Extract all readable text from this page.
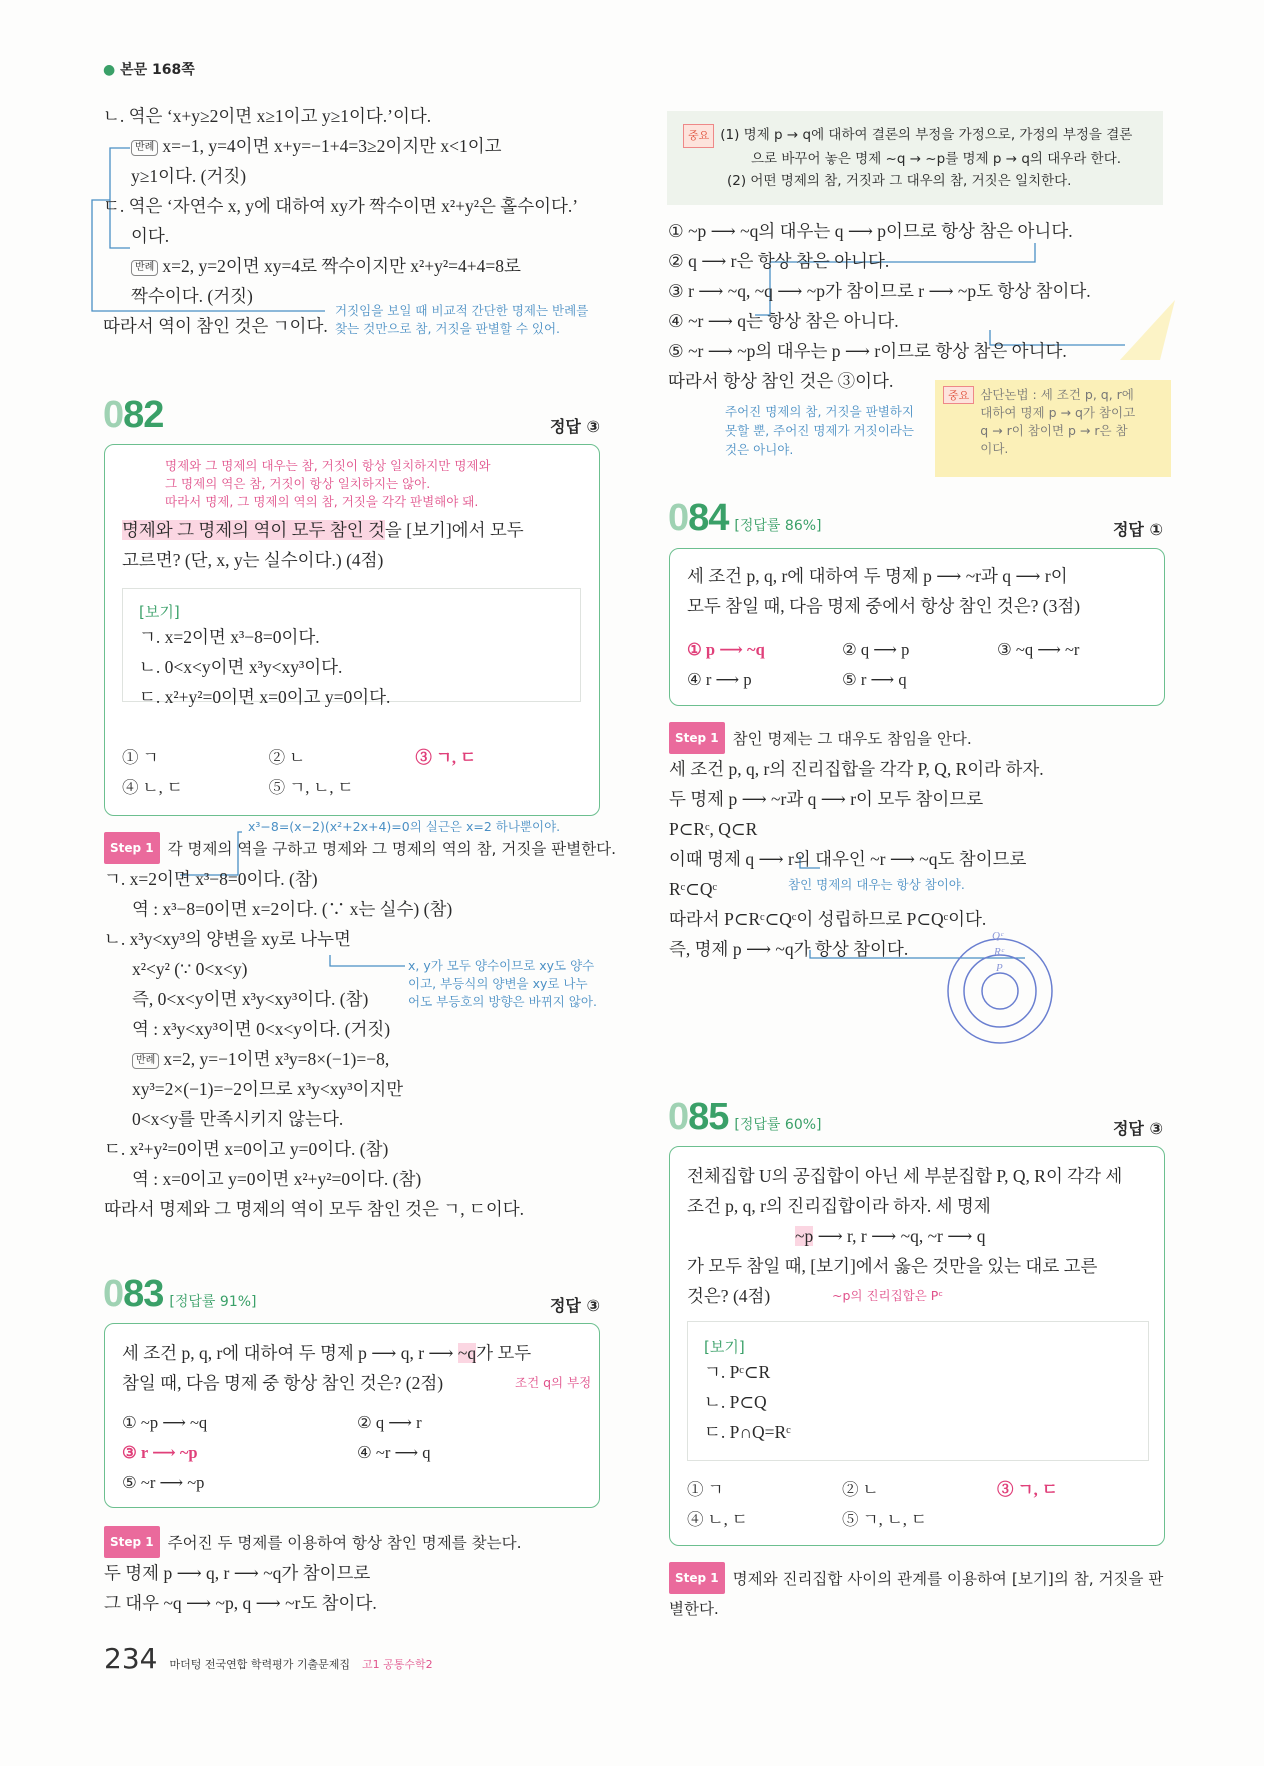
● 본문 168쪽
ㄴ. 역은 ‘x+y≥2이면 x≥1이고 y≥1이다.’이다.
반례 x=−1, y=4이면 x+y=−1+4=3≥2이지만 x<1이고
y≥1이다. (거짓)
ㄷ. 역은 ‘자연수 x, y에 대하여 xy가 짝수이면 x²+y²은 홀수이다.’
이다.
반례 x=2, y=2이면 xy=4로 짝수이지만 x²+y²=4+4=8로
짝수이다. (거짓)
따라서 역이 참인 것은 ㄱ이다.
거짓임을 보일 때 비교적 간단한 명제는 반례를
찾는 것만으로 참, 거짓을 판별할 수 있어.
082	정답 ③
명제와 그 명제의 대우는 참, 거짓이 항상 일치하지만 명제와
그 명제의 역은 참, 거짓이 항상 일치하지는 않아.
따라서 명제, 그 명제의 역의 참, 거짓을 각각 판별해야 돼.
명제와 그 명제의 역이 모두 참인 것을 [보기]에서 모두
고르면? (단, x, y는 실수이다.) (4점)
[보기]
ㄱ. x=2이면 x³−8=0이다.
ㄴ. 0<x<y이면 x³y<xy³이다.
ㄷ. x²+y²=0이면 x=0이고 y=0이다.
① ㄱ	② ㄴ	③ ㄱ, ㄷ
④ ㄴ, ㄷ	⑤ ㄱ, ㄴ, ㄷ
x³−8=(x−2)(x²+2x+4)=0의 실근은 x=2 하나뿐이야.
Step 1 각 명제의 역을 구하고 명제와 그 명제의 역의 참, 거짓을 판별한다.
ㄱ. x=2이면 x³−8=0이다. (참)
역 : x³−8=0이면 x=2이다. (∵ x는 실수) (참)
ㄴ. x³y<xy³의 양변을 xy로 나누면
x²<y² (∵ 0<x<y)
즉, 0<x<y이면 x³y<xy³이다. (참)
역 : x³y<xy³이면 0<x<y이다. (거짓)
반례 x=2, y=−1이면 x³y=8×(−1)=−8,
xy³=2×(−1)=−2이므로 x³y<xy³이지만
0<x<y를 만족시키지 않는다.
ㄷ. x²+y²=0이면 x=0이고 y=0이다. (참)
역 : x=0이고 y=0이면 x²+y²=0이다. (참)
따라서 명제와 그 명제의 역이 모두 참인 것은 ㄱ, ㄷ이다.
x, y가 모두 양수이므로 xy도 양수
이고, 부등식의 양변을 xy로 나누
어도 부등호의 방향은 바뀌지 않아.
083 [정답률 91%]	정답 ③
세 조건 p, q, r에 대하여 두 명제 p ⟶ q, r ⟶ ~q가 모두
참일 때, 다음 명제 중 항상 참인 것은? (2점)	조건 q의 부정
① ~p ⟶ ~q	② q ⟶ r
③ r ⟶ ~p	④ ~r ⟶ q
⑤ ~r ⟶ ~p
Step 1 주어진 두 명제를 이용하여 항상 참인 명제를 찾는다.
두 명제 p ⟶ q, r ⟶ ~q가 참이므로
그 대우 ~q ⟶ ~p, q ⟶ ~r도 참이다.
234 마더텅 전국연합 학력평가 기출문제집 고1 공통수학2
중요 (1) 명제 p → q에 대하여 결론의 부정을 가정으로, 가정의 부정을 결론
으로 바꾸어 놓은 명제 ~q → ~p를 명제 p → q의 대우라 한다.
(2) 어떤 명제의 참, 거짓과 그 대우의 참, 거짓은 일치한다.
① ~p ⟶ ~q의 대우는 q ⟶ p이므로 항상 참은 아니다.
② q ⟶ r은 항상 참은 아니다.
③ r ⟶ ~q, ~q ⟶ ~p가 참이므로 r ⟶ ~p도 항상 참이다.
④ ~r ⟶ q는 항상 참은 아니다.
⑤ ~r ⟶ ~p의 대우는 p ⟶ r이므로 항상 참은 아니다.
따라서 항상 참인 것은 ③이다.
주어진 명제의 참, 거짓을 판별하지
못할 뿐, 주어진 명제가 거짓이라는
것은 아니야.
중요 삼단논법 : 세 조건 p, q, r에
대하여 명제 p → q가 참이고
q → r이 참이면 p → r은 참
이다.
084 [정답률 86%]	정답 ①
세 조건 p, q, r에 대하여 두 명제 p ⟶ ~r과 q ⟶ r이
모두 참일 때, 다음 명제 중에서 항상 참인 것은? (3점)
① p ⟶ ~q	② q ⟶ p	③ ~q ⟶ ~r
④ r ⟶ p	⑤ r ⟶ q
Step 1 참인 명제는 그 대우도 참임을 안다.
세 조건 p, q, r의 진리집합을 각각 P, Q, R이라 하자.
두 명제 p ⟶ ~r과 q ⟶ r이 모두 참이므로
P⊂Rᶜ, Q⊂R
이때 명제 q ⟶ r의 대우인 ~r ⟶ ~q도 참이므로
Rᶜ⊂Qᶜ
따라서 P⊂Rᶜ⊂Qᶜ이 성립하므로 P⊂Qᶜ이다.
즉, 명제 p ⟶ ~q가 항상 참이다.
참인 명제의 대우는 항상 참이야.
Qᶜ
Rᶜ
P
085 [정답률 60%]	정답 ③
전체집합 U의 공집합이 아닌 세 부분집합 P, Q, R이 각각 세
조건 p, q, r의 진리집합이라 하자. 세 명제
~p ⟶ r, r ⟶ ~q, ~r ⟶ q
가 모두 참일 때, [보기]에서 옳은 것만을 있는 대로 고른
것은? (4점)	~p의 진리집합은 Pᶜ
[보기]
ㄱ. Pᶜ⊂R
ㄴ. P⊂Q
ㄷ. P∩Q=Rᶜ
① ㄱ	② ㄴ	③ ㄱ, ㄷ
④ ㄴ, ㄷ	⑤ ㄱ, ㄴ, ㄷ
Step 1 명제와 진리집합 사이의 관계를 이용하여 [보기]의 참, 거짓을 판
별한다.
